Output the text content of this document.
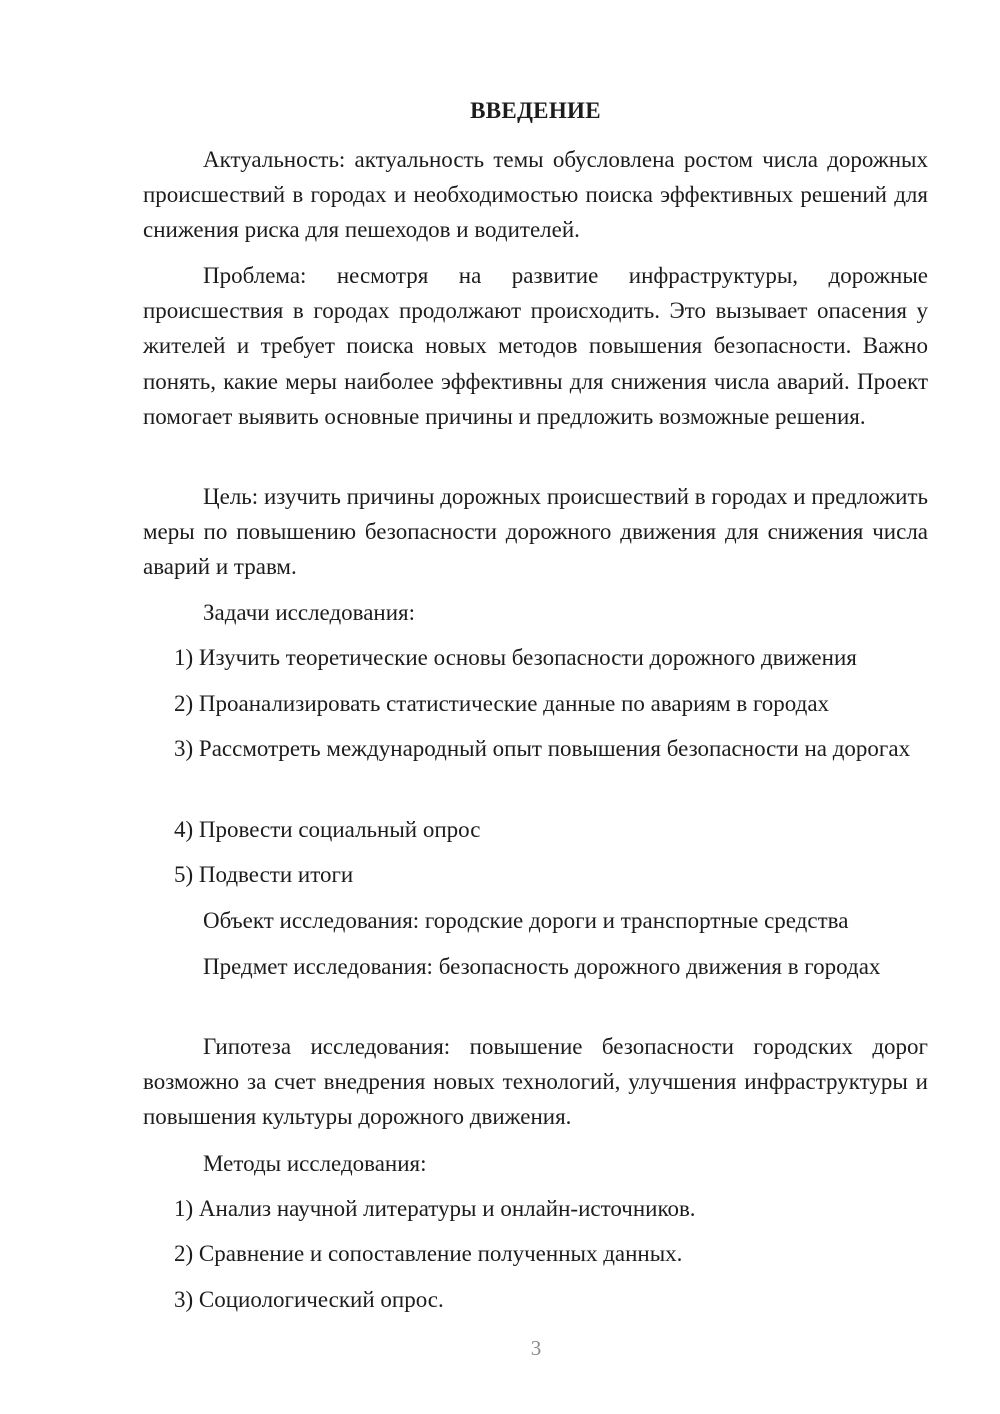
ВВЕДЕНИЕ

Актуальность: актуальность темы обусловлена ростом числа дорожных происшествий в городах и необходимостью поиска эффективных решений для снижения риска для пешеходов и водителей.

Проблема: несмотря на развитие инфраструктуры, дорожные происшествия в городах продолжают происходить. Это вызывает опасения у жителей и требует поиска новых методов повышения безопасности. Важно понять, какие меры наиболее эффективны для снижения числа аварий. Проект помогает выявить основные причины и предложить возможные решения.

Цель: изучить причины дорожных происшествий в городах и предложить меры по повышению безопасности дорожного движения для снижения числа аварий и травм.

Задачи исследования:

1) Изучить теоретические основы безопасности дорожного движения

2) Проанализировать статистические данные по авариям в городах

3) Рассмотреть международный опыт повышения безопасности на дорогах

4) Провести социальный опрос

5) Подвести итоги

Объект исследования: городские дороги и транспортные средства

Предмет исследования: безопасность дорожного движения в городах

Гипотеза исследования: повышение безопасности городских дорог возможно за счет внедрения новых технологий, улучшения инфраструктуры и повышения культуры дорожного движения.

Методы исследования:

1) Анализ научной литературы и онлайн-источников.

2) Сравнение и сопоставление полученных данных.

3) Социологический опрос.

3
